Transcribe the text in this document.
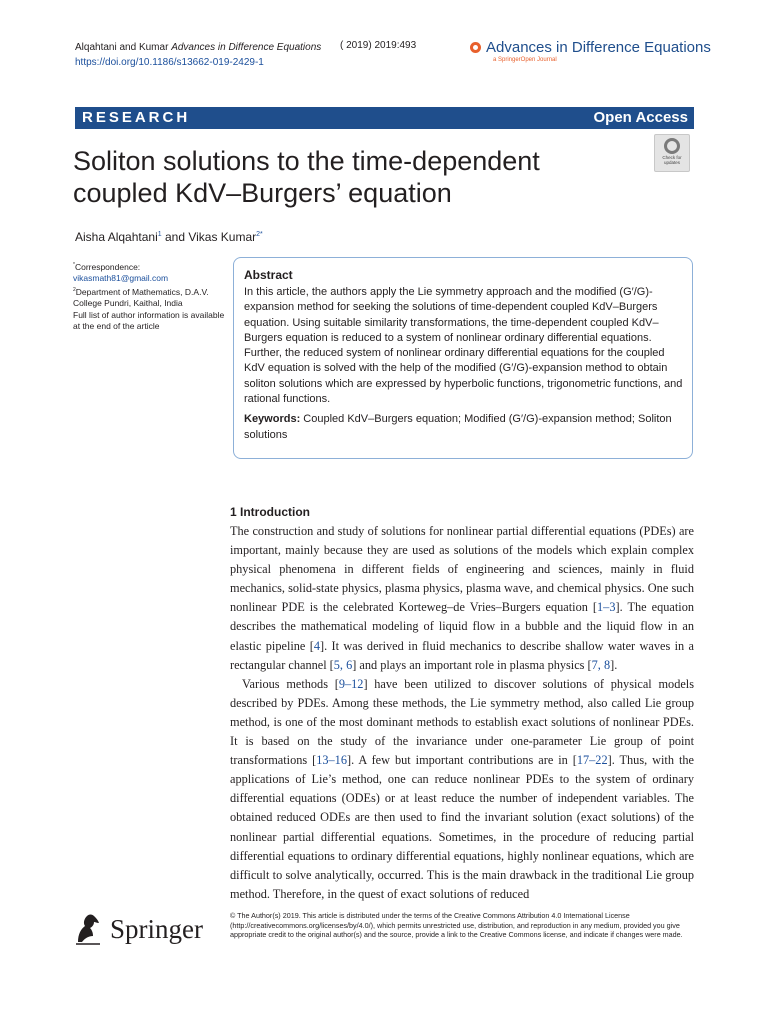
Alqahtani and Kumar Advances in Difference Equations
https://doi.org/10.1186/s13662-019-2429-1
( 2019) 2019:493	Advances in Difference Equations
a SpringerOpen Journal
RESEARCH	Open Access
Soliton solutions to the time-dependent
coupled KdV–Burgers’ equation
Check for
updates
Aisha Alqahtani$^1$ and Vikas Kumar$^{2*}$
*Correspondence:
vikasmath81@gmail.com
$^2$Department of Mathematics, D.A.V. College Pundri, Kaithal, India
Full list of author information is available at the end of the article
Abstract
In this article, the authors apply the Lie symmetry approach and the modified (G′/G)-expansion method for seeking the solutions of time-dependent coupled KdV–Burgers equation. Using suitable similarity transformations, the time-dependent coupled KdV–Burgers equation is reduced to a system of nonlinear ordinary differential equations. Further, the reduced system of nonlinear ordinary differential equations for the coupled KdV equation is solved with the help of the modified (G′/G)-expansion method to obtain soliton solutions which are expressed by hyperbolic functions, trigonometric functions, and rational functions.
Keywords: Coupled KdV–Burgers equation; Modified (G′/G)-expansion method; Soliton solutions
1 Introduction

The construction and study of solutions for nonlinear partial differential equations (PDEs) are important, mainly because they are used as solutions of the models which explain complex physical phenomena in different fields of engineering and sciences, mainly in fluid mechanics, solid-state physics, plasma physics, plasma wave, and chemical physics. One such nonlinear PDE is the celebrated Korteweg–de Vries–Burgers equation [1–3]. The equation describes the mathematical modeling of liquid flow in a bubble and the liquid flow in an elastic pipeline [4]. It was derived in fluid mechanics to describe shallow water waves in a rectangular channel [5, 6] and plays an important role in plasma physics [7, 8].

Various methods [9–12] have been utilized to discover solutions of physical models described by PDEs. Among these methods, the Lie symmetry method, also called Lie group method, is one of the most dominant methods to establish exact solutions of nonlinear PDEs. It is based on the study of the invariance under one-parameter Lie group of point transformations [13–16]. A few but important contributions are in [17–22]. Thus, with the applications of Lie’s method, one can reduce nonlinear PDEs to the system of ordinary differential equations (ODEs) or at least reduce the number of independent variables. The obtained reduced ODEs are then used to find the invariant solution (exact solutions) of the nonlinear partial differential equations. Sometimes, in the procedure of reducing partial differential equations to ordinary differential equations, highly nonlinear equations, which are difficult to solve analytically, occurred. This is the main drawback in the traditional Lie group method. Therefore, in the quest of exact solutions of reduced

Springer	© The Author(s) 2019. This article is distributed under the terms of the Creative Commons Attribution 4.0 International License (http://creativecommons.org/licenses/by/4.0/), which permits unrestricted use, distribution, and reproduction in any medium, provided you give appropriate credit to the original author(s) and the source, provide a link to the Creative Commons license, and indicate if changes were made.
